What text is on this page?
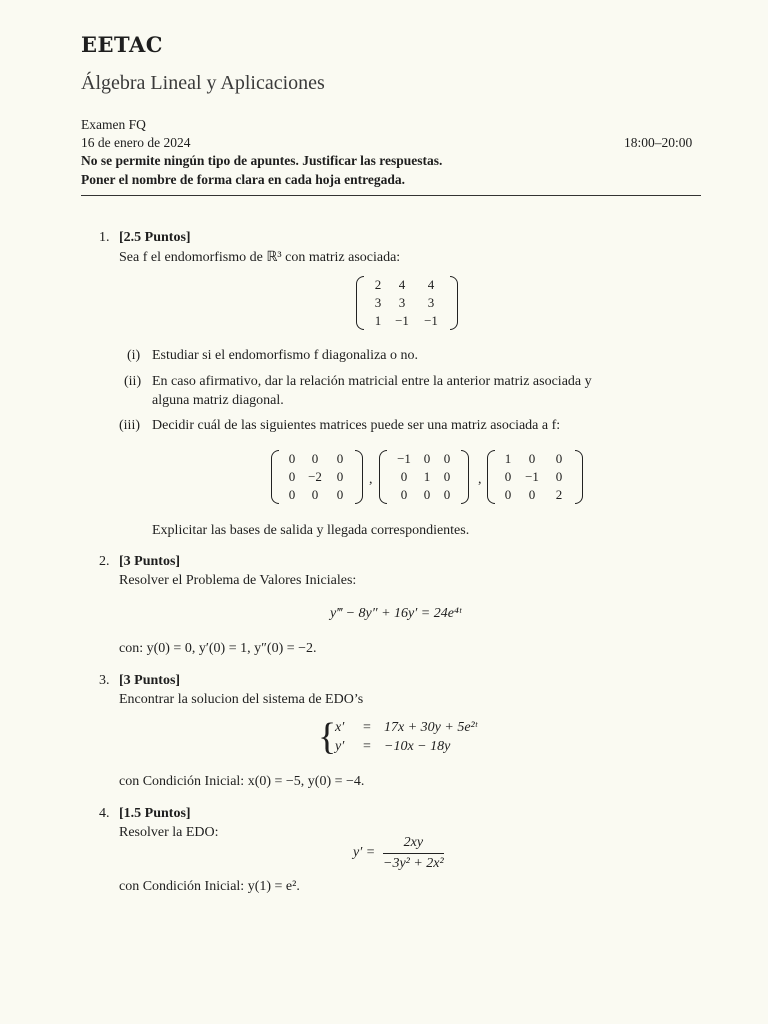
EETAC
Álgebra Lineal y Aplicaciones
Examen FQ
16 de enero de 2024	18:00–20:00
No se permite ningún tipo de apuntes. Justificar las respuestas.
Poner el nombre de forma clara en cada hoja entregada.
1. [2.5 Puntos]
Sea f el endomorfismo de ℝ³ con matriz asociada:
2	4	4
3	3	3
1	−1	−1
(i) Estudiar si el endomorfismo f diagonaliza o no.
(ii) En caso afirmativo, dar la relación matricial entre la anterior matriz asociada y
alguna matriz diagonal.
(iii) Decidir cuál de las siguientes matrices puede ser una matriz asociada a f:
0	0	0
0 −2	0
0	0	0
,
−1 0	0
0	1	0
0	0	0
,
1	0	0
0	−1	0
0	0	2
Explicitar las bases de salida y llegada correspondientes.
2. [3 Puntos]
Resolver el Problema de Valores Iniciales:
y‴ − 8y″ + 16y′ = 24e⁴ᵗ
con: y(0) = 0, y′(0) = 1, y″(0) = −2.
3. [3 Puntos]
Encontrar la solucion del sistema de EDO’s
{
x′ = 17x + 30y + 5e²ᵗ
y′ = −10x − 18y
con Condición Inicial: x(0) = −5, y(0) = −4.
4. [1.5 Puntos]
Resolver la EDO:
y′ =
2xy
−3y² + 2x²
con Condición Inicial: y(1) = e².
